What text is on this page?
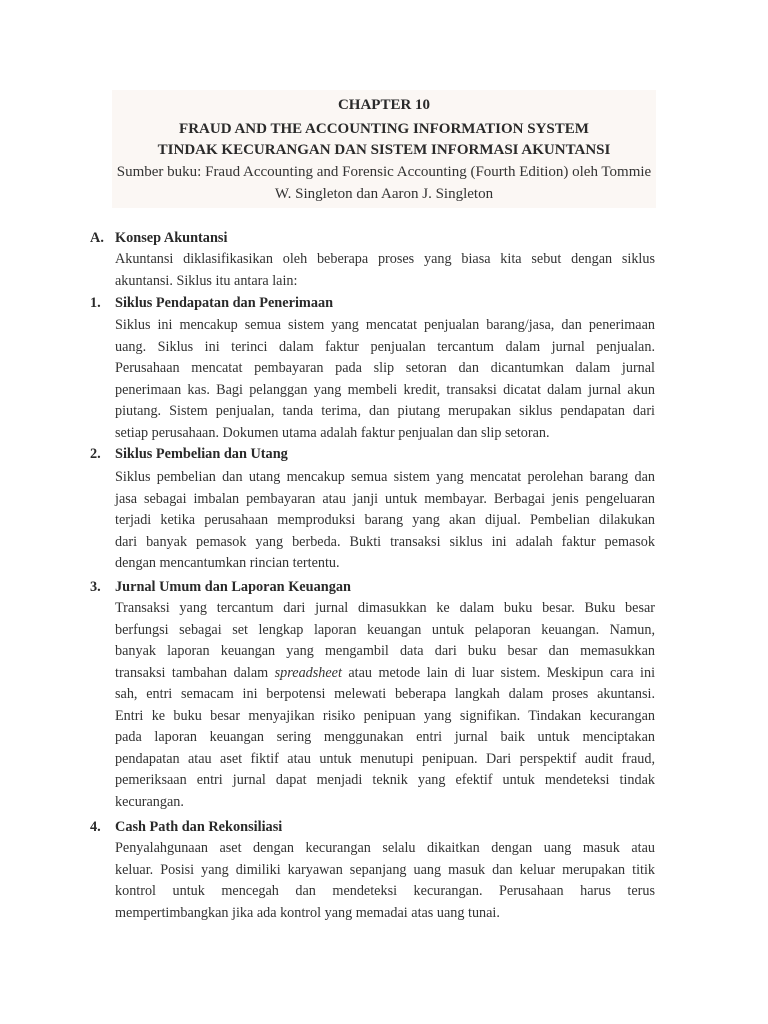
CHAPTER 10
FRAUD AND THE ACCOUNTING INFORMATION SYSTEM
TINDAK KECURANGAN DAN SISTEM INFORMASI AKUNTANSI
Sumber buku: Fraud Accounting and Forensic Accounting (Fourth Edition) oleh Tommie
W. Singleton dan Aaron J. Singleton
A. Konsep Akuntansi
Akuntansi diklasifikasikan oleh beberapa proses yang biasa kita sebut dengan siklus
akuntansi. Siklus itu antara lain:
1. Siklus Pendapatan dan Penerimaan
Siklus ini mencakup semua sistem yang mencatat penjualan barang/jasa, dan penerimaan
uang. Siklus ini terinci dalam faktur penjualan tercantum dalam jurnal penjualan.
Perusahaan mencatat pembayaran pada slip setoran dan dicantumkan dalam jurnal
penerimaan kas. Bagi pelanggan yang membeli kredit, transaksi dicatat dalam jurnal akun
piutang. Sistem penjualan, tanda terima, dan piutang merupakan siklus pendapatan dari
setiap perusahaan. Dokumen utama adalah faktur penjualan dan slip setoran.
2. Siklus Pembelian dan Utang
Siklus pembelian dan utang mencakup semua sistem yang mencatat perolehan barang dan
jasa sebagai imbalan pembayaran atau janji untuk membayar. Berbagai jenis pengeluaran
terjadi ketika perusahaan memproduksi barang yang akan dijual. Pembelian dilakukan
dari banyak pemasok yang berbeda. Bukti transaksi siklus ini adalah faktur pemasok
dengan mencantumkan rincian tertentu.
3. Jurnal Umum dan Laporan Keuangan
Transaksi yang tercantum dari jurnal dimasukkan ke dalam buku besar. Buku besar
berfungsi sebagai set lengkap laporan keuangan untuk pelaporan keuangan. Namun,
banyak laporan keuangan yang mengambil data dari buku besar dan memasukkan
transaksi tambahan dalam spreadsheet atau metode lain di luar sistem. Meskipun cara ini
sah, entri semacam ini berpotensi melewati beberapa langkah dalam proses akuntansi.
Entri ke buku besar menyajikan risiko penipuan yang signifikan. Tindakan kecurangan
pada laporan keuangan sering menggunakan entri jurnal baik untuk menciptakan
pendapatan atau aset fiktif atau untuk menutupi penipuan. Dari perspektif audit fraud,
pemeriksaan entri jurnal dapat menjadi teknik yang efektif untuk mendeteksi tindak
kecurangan.
4. Cash Path dan Rekonsiliasi
Penyalahgunaan aset dengan kecurangan selalu dikaitkan dengan uang masuk atau
keluar. Posisi yang dimiliki karyawan sepanjang uang masuk dan keluar merupakan titik
kontrol untuk mencegah dan mendeteksi kecurangan. Perusahaan harus terus
mempertimbangkan jika ada kontrol yang memadai atas uang tunai.
